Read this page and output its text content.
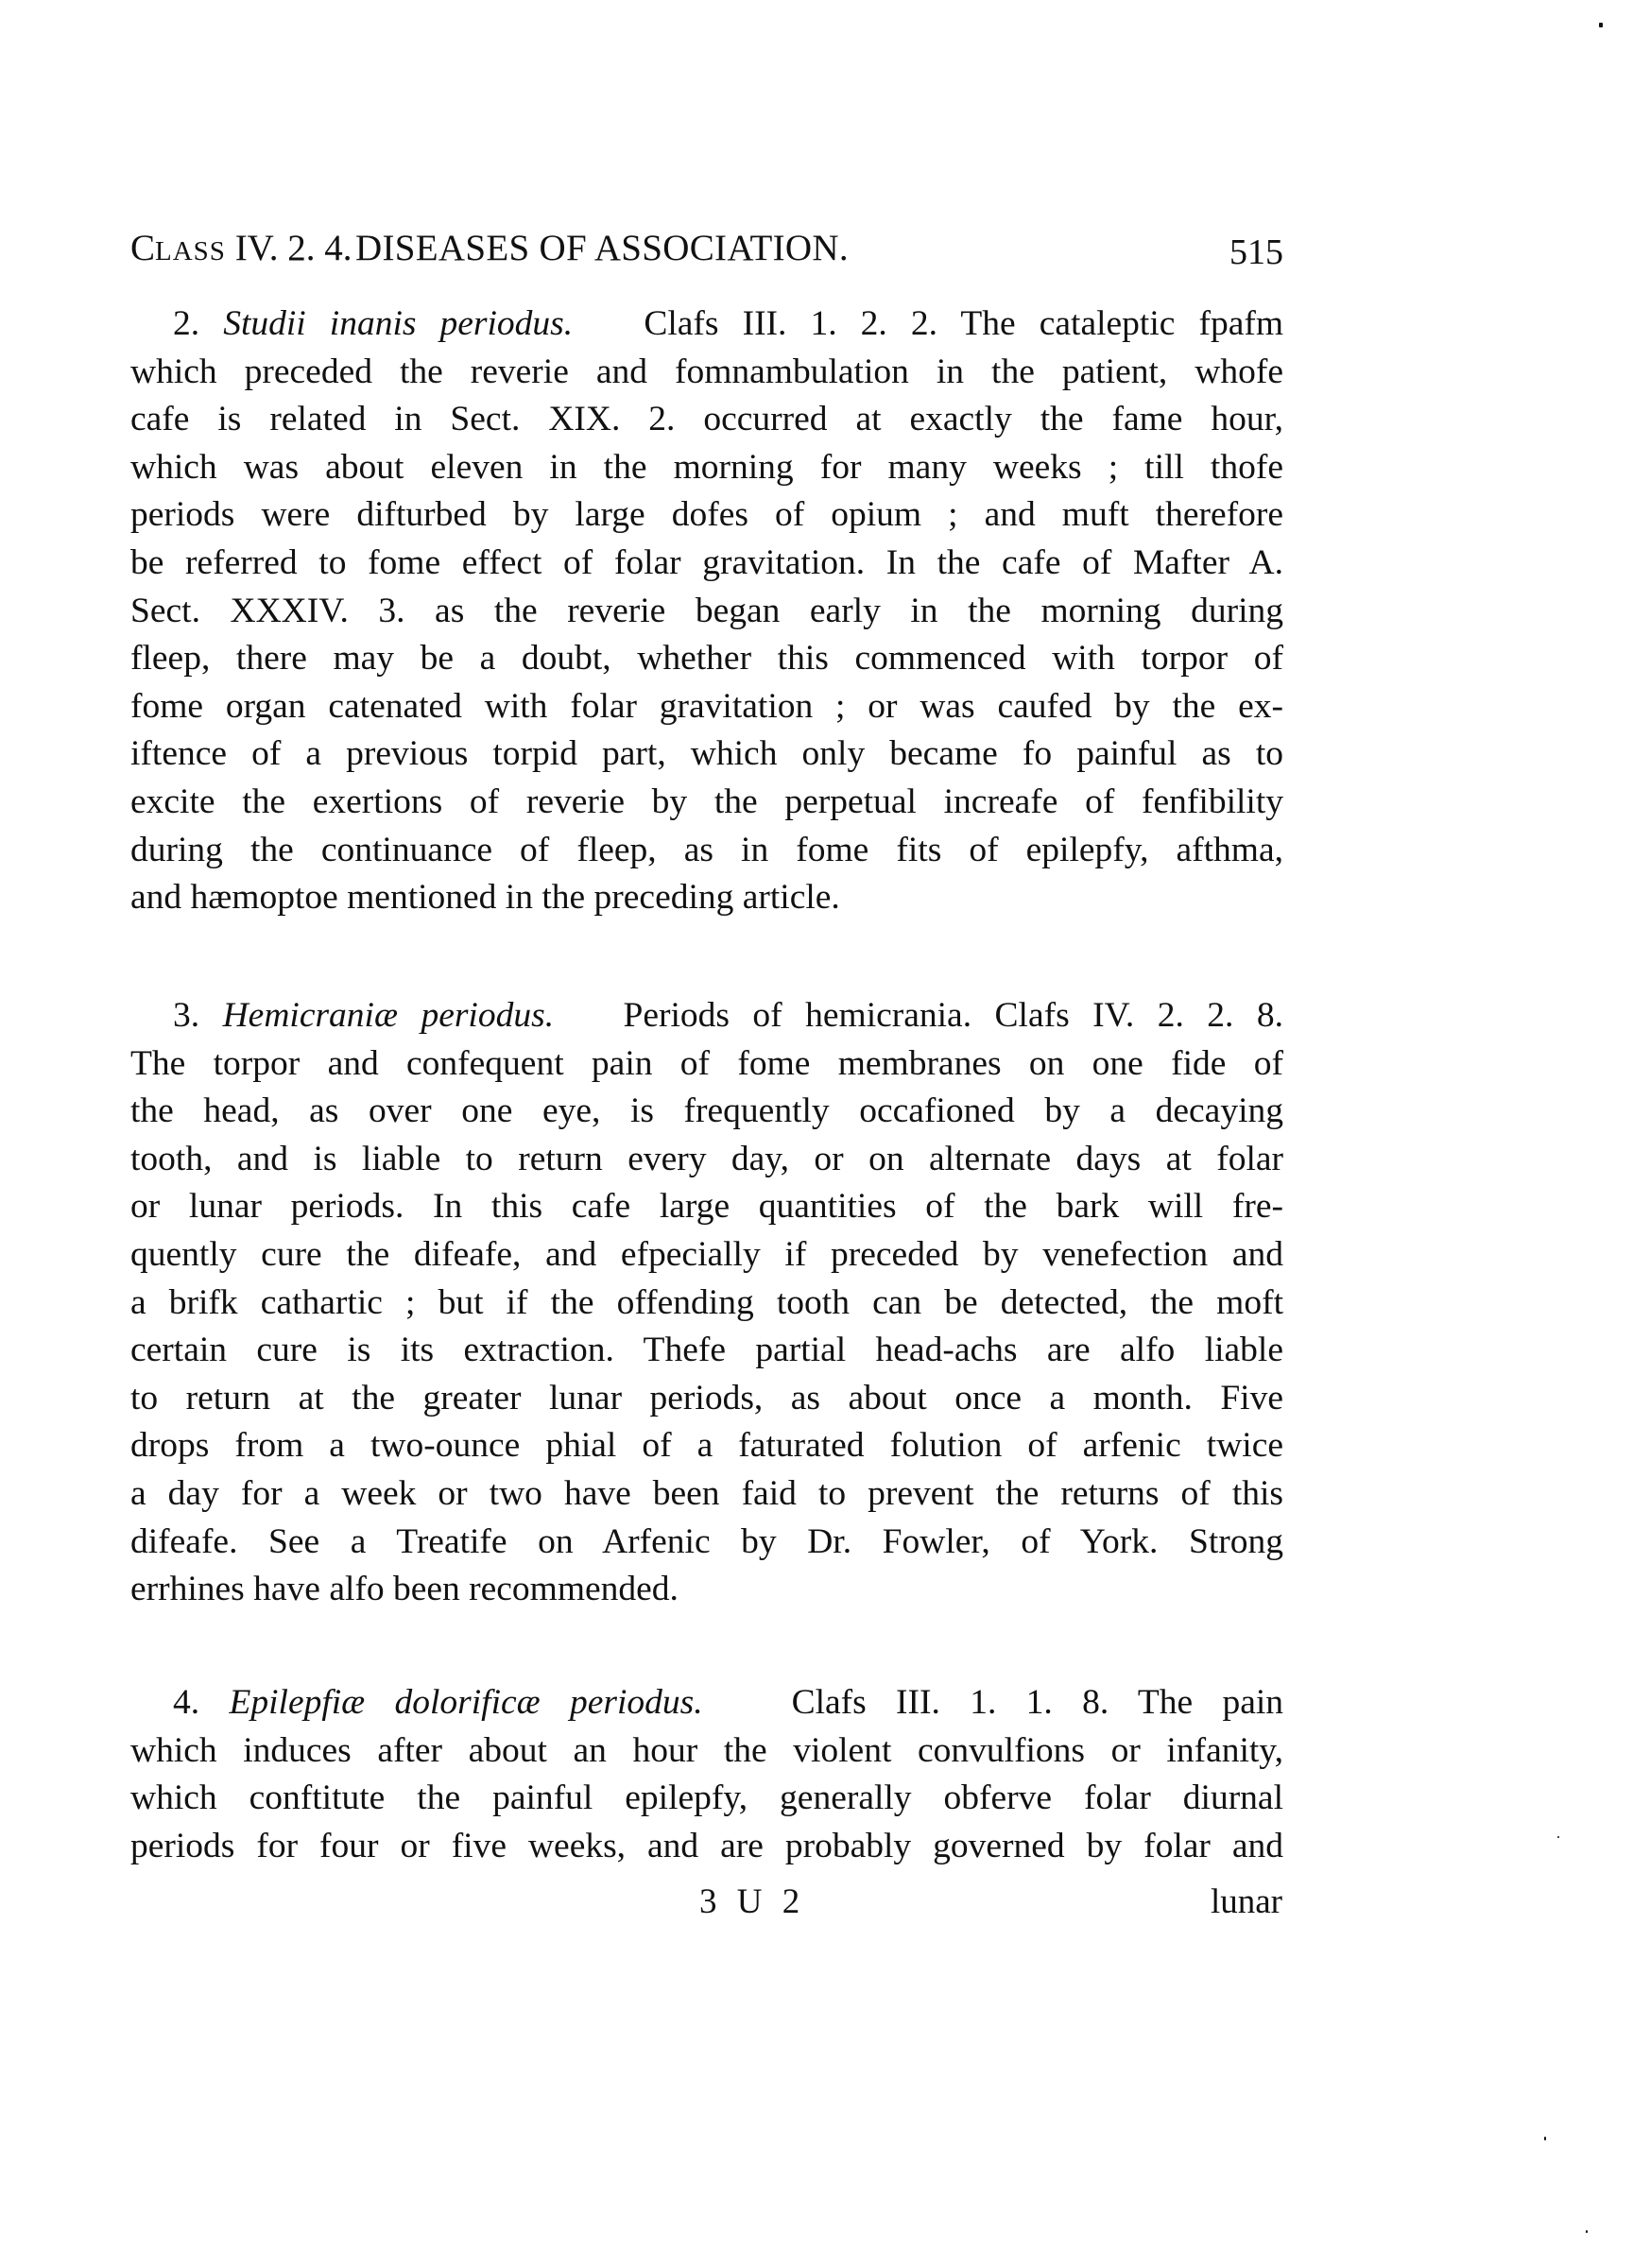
CLASS IV. 2. 4. DISEASES OF ASSOCIATION.	515
2. Studii inanis periodus. Clafs III. 1. 2. 2. The cataleptic fpafm
which preceded the reverie and fomnambulation in the patient, whofe
cafe is related in Sect. XIX. 2. occurred at exactly the fame hour,
which was about eleven in the morning for many weeks ; till thofe
periods were difturbed by large dofes of opium ; and muft therefore
be referred to fome effect of folar gravitation. In the cafe of Mafter A.
Sect. XXXIV. 3. as the reverie began early in the morning during
fleep, there may be a doubt, whether this commenced with torpor of
fome organ catenated with folar gravitation ; or was caufed by the ex-
iftence of a previous torpid part, which only became fo painful as to
excite the exertions of reverie by the perpetual increafe of fenfibility
during the continuance of fleep, as in fome fits of epilepfy, afthma,
and hæmoptoe mentioned in the preceding article.
3. Hemicraniæ periodus. Periods of hemicrania. Clafs IV. 2. 2. 8.
The torpor and confequent pain of fome membranes on one fide of
the head, as over one eye, is frequently occafioned by a decaying
tooth, and is liable to return every day, or on alternate days at folar
or lunar periods. In this cafe large quantities of the bark will fre-
quently cure the difeafe, and efpecially if preceded by venefection and
a brifk cathartic ; but if the offending tooth can be detected, the moft
certain cure is its extraction. Thefe partial head-achs are alfo liable
to return at the greater lunar periods, as about once a month. Five
drops from a two-ounce phial of a faturated folution of arfenic twice
a day for a week or two have been faid to prevent the returns of this
difeafe. See a Treatife on Arfenic by Dr. Fowler, of York. Strong
errhines have alfo been recommended.
4. Epilepfiæ dolorificæ periodus.	Clafs III. 1. 1. 8. The pain
which induces after about an hour the violent convulfions or infanity,
which conftitute the painful epilepfy, generally obferve folar diurnal
periods for four or five weeks, and are probably governed by folar and
3 U 2	lunar
